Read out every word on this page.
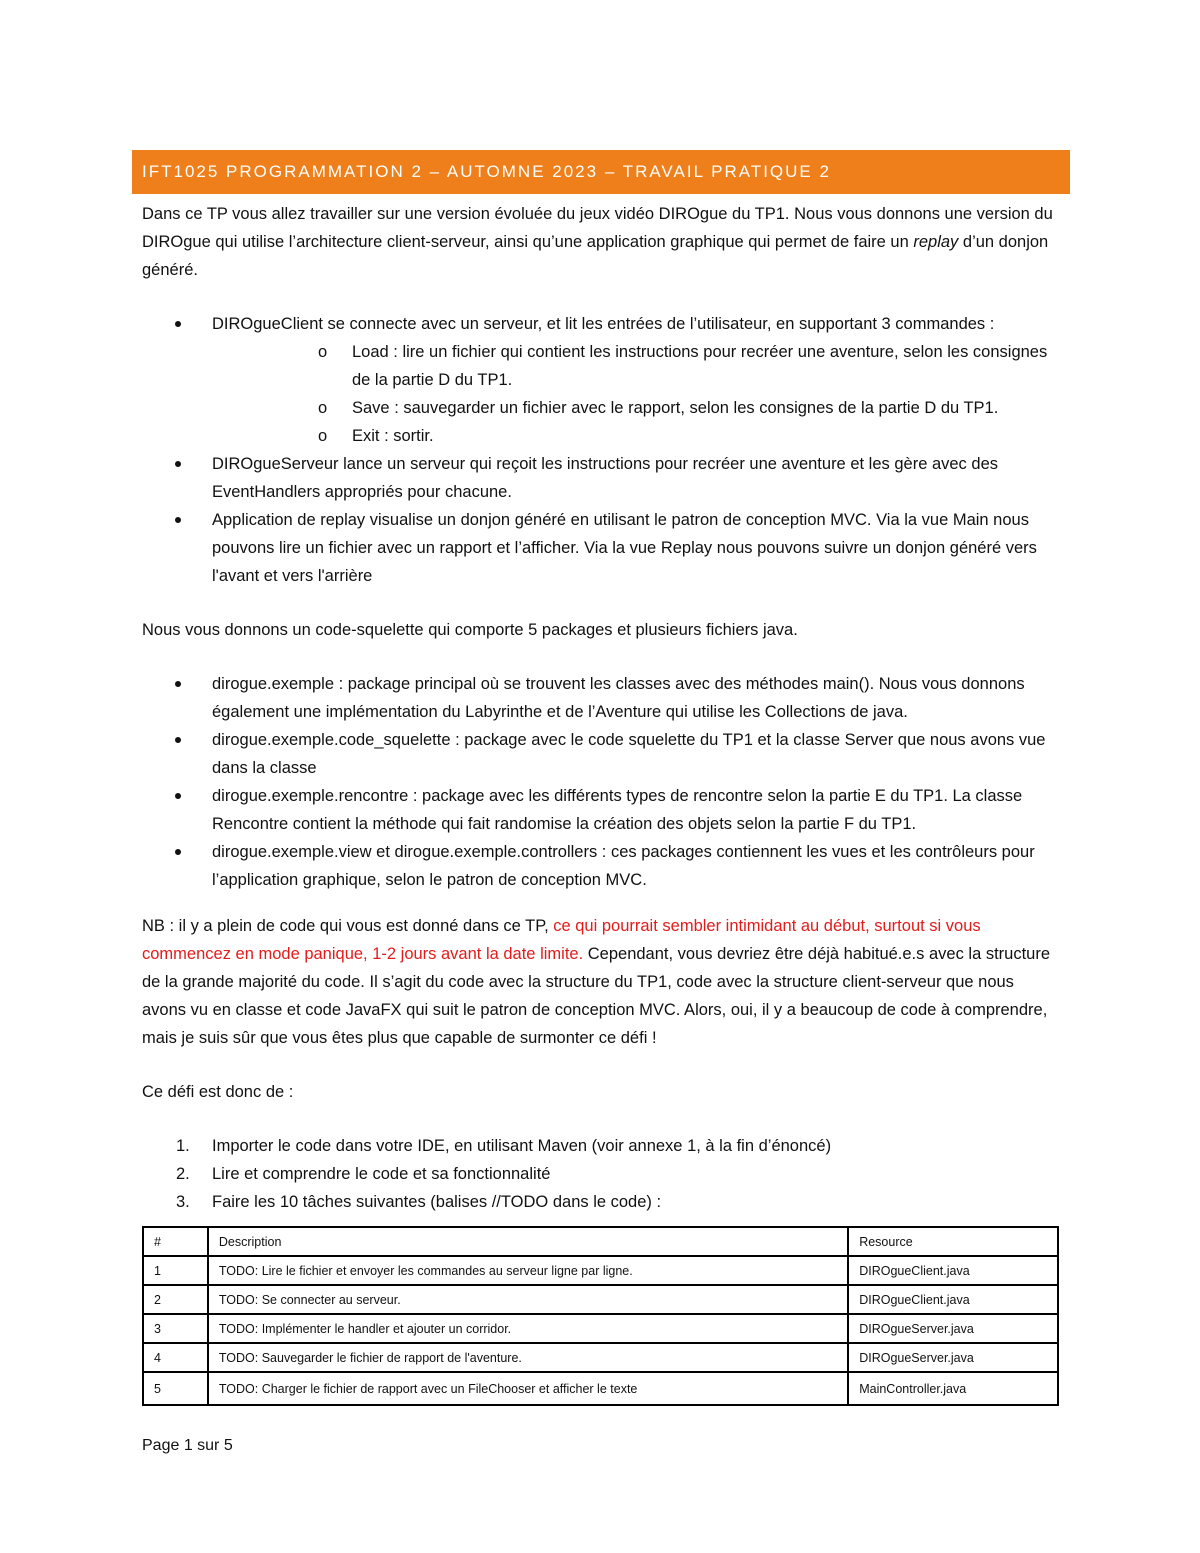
IFT1025 PROGRAMMATION 2 – AUTOMNE 2023 – TRAVAIL PRATIQUE 2

Dans ce TP vous allez travailler sur une version évoluée du jeux vidéo DIROgue du TP1. Nous vous donnons une version du DIROgue qui utilise l’architecture client-serveur, ainsi qu’une application graphique qui permet de faire un replay d’un donjon généré.

DIROgueClient se connecte avec un serveur, et lit les entrées de l’utilisateur, en supportant 3 commandes :
o Load : lire un fichier qui contient les instructions pour recréer une aventure, selon les consignes de la partie D du TP1.
o Save : sauvegarder un fichier avec le rapport, selon les consignes de la partie D du TP1.
o Exit : sortir.
DIROgueServeur lance un serveur qui reçoit les instructions pour recréer une aventure et les gère avec des EventHandlers appropriés pour chacune.
Application de replay visualise un donjon généré en utilisant le patron de conception MVC. Via la vue Main nous pouvons lire un fichier avec un rapport et l’afficher. Via la vue Replay nous pouvons suivre un donjon généré vers l'avant et vers l'arrière

Nous vous donnons un code-squelette qui comporte 5 packages et plusieurs fichiers java.

dirogue.exemple : package principal où se trouvent les classes avec des méthodes main(). Nous vous donnons également une implémentation du Labyrinthe et de l’Aventure qui utilise les Collections de java.
dirogue.exemple.code_squelette : package avec le code squelette du TP1 et la classe Server que nous avons vue dans la classe
dirogue.exemple.rencontre : package avec les différents types de rencontre selon la partie E du TP1. La classe Rencontre contient la méthode qui fait randomise la création des objets selon la partie F du TP1.
dirogue.exemple.view et dirogue.exemple.controllers : ces packages contiennent les vues et les contrôleurs pour l’application graphique, selon le patron de conception MVC.

NB : il y a plein de code qui vous est donné dans ce TP, ce qui pourrait sembler intimidant au début, surtout si vous commencez en mode panique, 1-2 jours avant la date limite. Cependant, vous devriez être déjà habitué.e.s avec la structure de la grande majorité du code. Il s’agit du code avec la structure du TP1, code avec la structure client-serveur que nous avons vu en classe et code JavaFX qui suit le patron de conception MVC. Alors, oui, il y a beaucoup de code à comprendre, mais je suis sûr que vous êtes plus que capable de surmonter ce défi !

Ce défi est donc de :

1. Importer le code dans votre IDE, en utilisant Maven (voir annexe 1, à la fin d’énoncé)
2. Lire et comprendre le code et sa fonctionnalité
3. Faire les 10 tâches suivantes (balises //TODO dans le code) :
#	Description	Resource
1	TODO: Lire le fichier et envoyer les commandes au serveur ligne par ligne.	DIROgueClient.java
2	TODO: Se connecter au serveur.	DIROgueClient.java
3	TODO: Implémenter le handler et ajouter un corridor.	DIROgueServer.java
4	TODO: Sauvegarder le fichier de rapport de l'aventure.	DIROgueServer.java
5	TODO: Charger le fichier de rapport avec un FileChooser et afficher le texte	MainController.java
Page 1 sur 5
